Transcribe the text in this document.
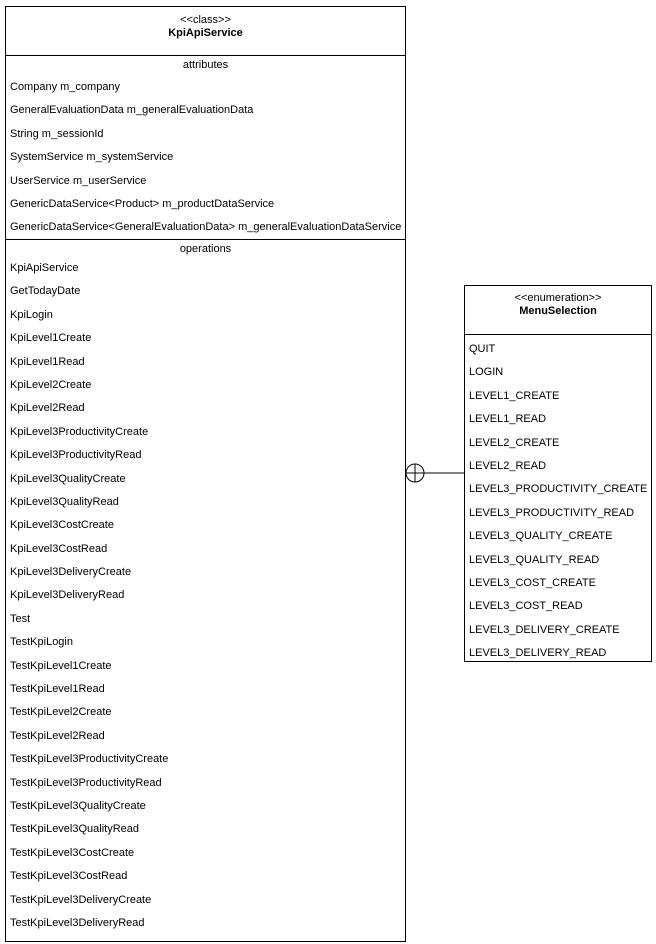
<<class>>
KpiApiService
attributes
Company m_company
GeneralEvaluationData m_generalEvaluationData
String m_sessionId
SystemService m_systemService
UserService m_userService
GenericDataService<Product> m_productDataService
GenericDataService<GeneralEvaluationData> m_generalEvaluationDataService
operations
KpiApiService
GetTodayDate
KpiLogin
KpiLevel1Create
KpiLevel1Read
KpiLevel2Create
KpiLevel2Read
KpiLevel3ProductivityCreate
KpiLevel3ProductivityRead
KpiLevel3QualityCreate
KpiLevel3QualityRead
KpiLevel3CostCreate
KpiLevel3CostRead
KpiLevel3DeliveryCreate
KpiLevel3DeliveryRead
Test
TestKpiLogin
TestKpiLevel1Create
TestKpiLevel1Read
TestKpiLevel2Create
TestKpiLevel2Read
TestKpiLevel3ProductivityCreate
TestKpiLevel3ProductivityRead
TestKpiLevel3QualityCreate
TestKpiLevel3QualityRead
TestKpiLevel3CostCreate
TestKpiLevel3CostRead
TestKpiLevel3DeliveryCreate
TestKpiLevel3DeliveryRead
<<enumeration>>
MenuSelection
QUIT
LOGIN
LEVEL1_CREATE
LEVEL1_READ
LEVEL2_CREATE
LEVEL2_READ
LEVEL3_PRODUCTIVITY_CREATE
LEVEL3_PRODUCTIVITY_READ
LEVEL3_QUALITY_CREATE
LEVEL3_QUALITY_READ
LEVEL3_COST_CREATE
LEVEL3_COST_READ
LEVEL3_DELIVERY_CREATE
LEVEL3_DELIVERY_READ
